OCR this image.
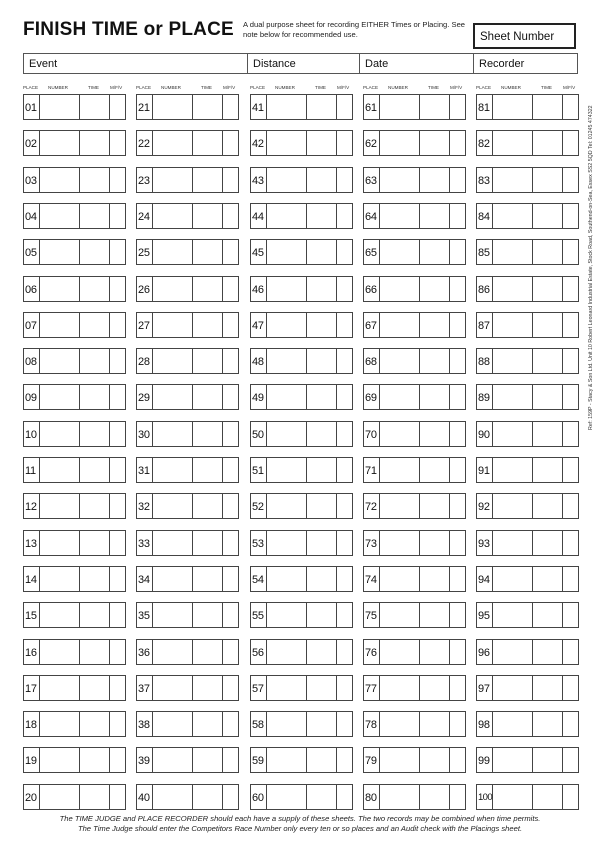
FINISH TIME or PLACE A dual purpose sheet for recording EITHER Times or Placing. See note below for recommended use.	Sheet Number
Event	Distance	Date	Recorder
PLACE NUMBER	TIME M/F/V
01
02
03
04
05
06
07
08
09
10
11
12
13
14
15
16
17
18
19
20
PLACE NUMBER	TIME M/F/V
21
22
23
24
25
26
27
28
29
30
31
32
33
34
35
36
37
38
39
40
PLACE NUMBER	TIME M/F/V
41
42
43
44
45
46
47
48
49
50
51
52
53
54
55
56
57
58
59
60
PLACE NUMBER	TIME M/F/V
61
62
63
64
65
66
67
68
69
70
71
72
73
74
75
76
77
78
79
80
PLACE NUMBER	TIME M/F/V
81
82
83
84
85
86
87
88
89
90
91
92
93
94
95
96
97
98
99
100
The TIME JUDGE and PLACE RECORDER should each have a supply of these sheets. The two records may be combined when time permits.
The Time Judge should enter the Competitors Race Number only every ten or so places and an Audit check with the Placings sheet.
Ref: 159P - Stacy & Son Ltd. Unit 10 Robert Leonard Industrial Estate, Stock Road, Southend-on-Sea, Essex SS2 5QD Tel: 01245 474322
